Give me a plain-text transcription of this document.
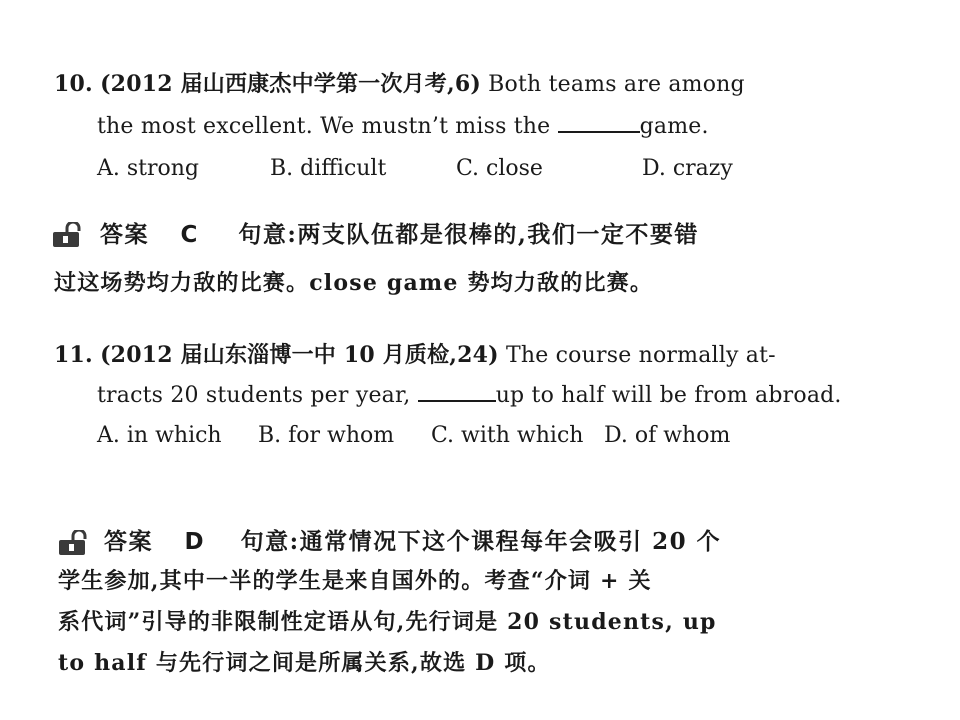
10. (2012 届山西康杰中学第一次月考,6) Both teams are among
the most excellent. We mustn’t miss the	game.
A. strong	B. difficult	C. close	D. crazy
答案 C 句意:两支队伍都是很棒的,我们一定不要错
过这场势均力敌的比赛。close game 势均力敌的比赛。
11. (2012 届山东淄博一中 10 月质检,24) The course normally at-
tracts 20 students per year,	up to half will be from abroad.
A. in which B. for whom C. with which D. of whom
答案 D 句意:通常情况下这个课程每年会吸引 20 个
学生参加,其中一半的学生是来自国外的。考查“介词 + 关
系代词”引导的非限制性定语从句,先行词是 20 students, up
to half 与先行词之间是所属关系,故选 D 项。
